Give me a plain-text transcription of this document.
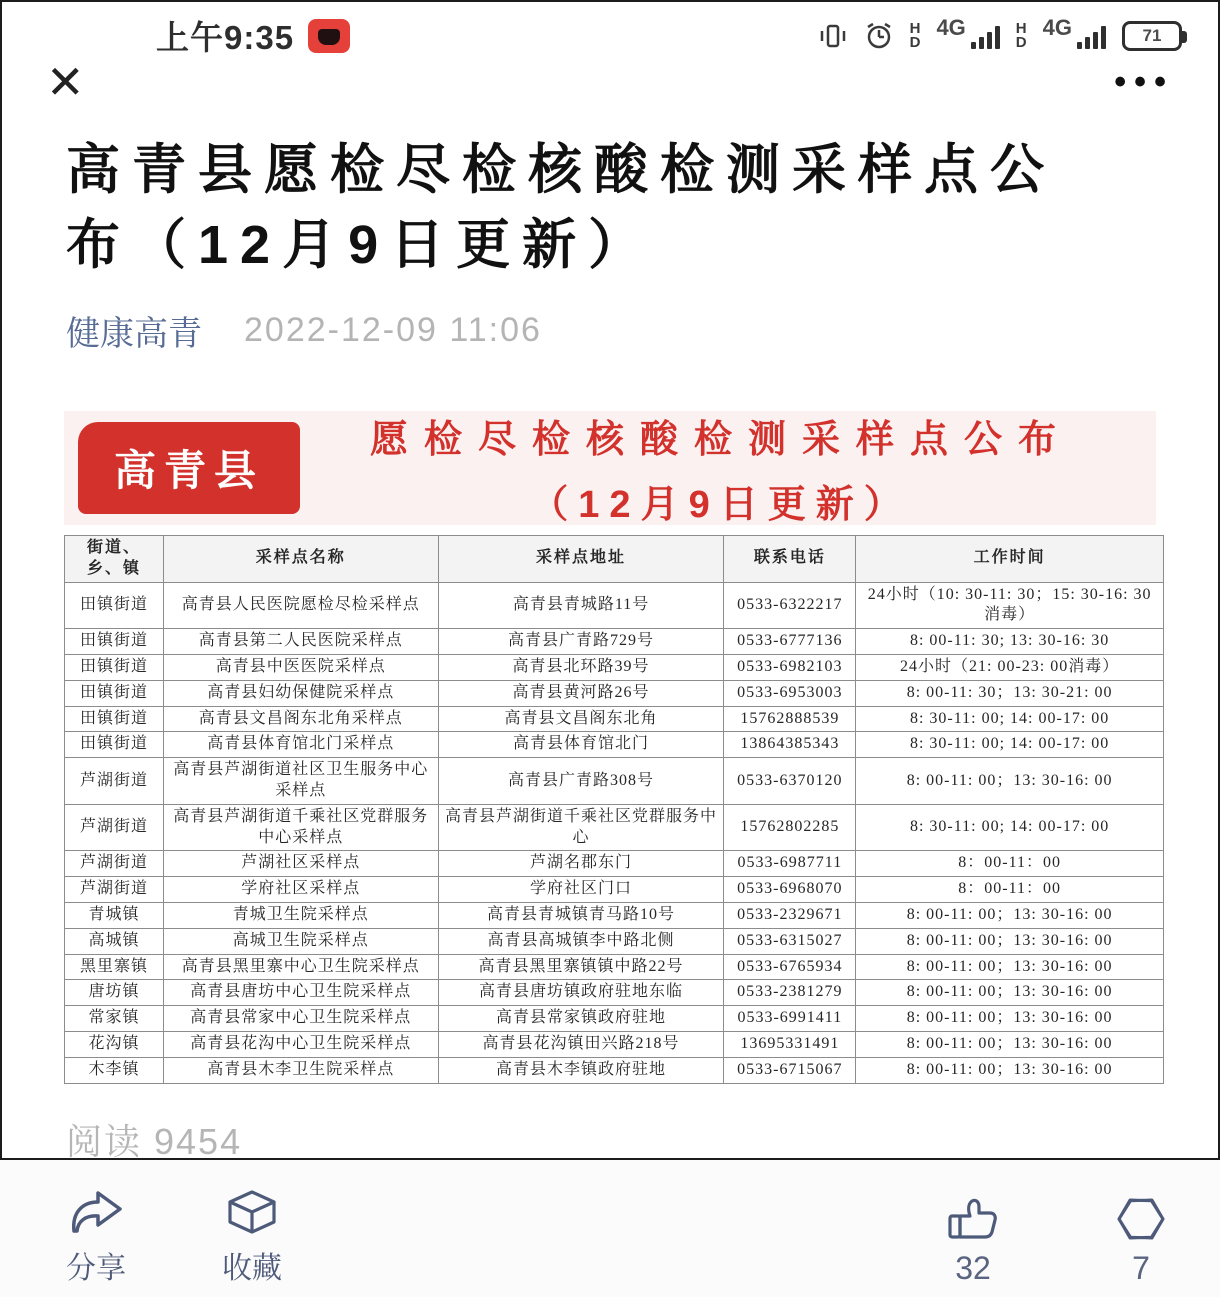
上午9:35	H
D
4G	H
D
4G	71
✕	•••
高青县愿检尽检核酸检测采样点公布（12月9日更新）
健康高青 2022-12-09 11:06
高青县
愿检尽检核酸检测采样点公布
（12月9日更新）
街道、乡、镇	采样点名称	采样点地址	联系电话	工作时间
田镇街道	高青县人民医院愿检尽检采样点	高青县青城路11号	0533-6322217	24小时（10: 30-11: 30；15: 30-16: 30消毒）
田镇街道	高青县第二人民医院采样点	高青县广青路729号	0533-6777136	8: 00-11: 30; 13: 30-16: 30
田镇街道	高青县中医医院采样点	高青县北环路39号	0533-6982103	24小时（21: 00-23: 00消毒）
田镇街道	高青县妇幼保健院采样点	高青县黄河路26号	0533-6953003	8: 00-11: 30；13: 30-21: 00
田镇街道	高青县文昌阁东北角采样点	高青县文昌阁东北角	15762888539	8: 30-11: 00; 14: 00-17: 00
田镇街道	高青县体育馆北门采样点	高青县体育馆北门	13864385343	8: 30-11: 00; 14: 00-17: 00
芦湖街道	高青县芦湖街道社区卫生服务中心采样点	高青县广青路308号	0533-6370120	8: 00-11: 00；13: 30-16: 00
芦湖街道	高青县芦湖街道千乘社区党群服务中心采样点	高青县芦湖街道千乘社区党群服务中心	15762802285	8: 30-11: 00; 14: 00-17: 00
芦湖街道	芦湖社区采样点	芦湖名郡东门	0533-6987711	8：00-11：00
芦湖街道	学府社区采样点	学府社区门口	0533-6968070	8：00-11：00
青城镇	青城卫生院采样点	高青县青城镇青马路10号	0533-2329671	8: 00-11: 00；13: 30-16: 00
高城镇	高城卫生院采样点	高青县高城镇李中路北侧	0533-6315027	8: 00-11: 00；13: 30-16: 00
黑里寨镇	高青县黑里寨中心卫生院采样点	高青县黑里寨镇镇中路22号	0533-6765934	8: 00-11: 00；13: 30-16: 00
唐坊镇	高青县唐坊中心卫生院采样点	高青县唐坊镇政府驻地东临	0533-2381279	8: 00-11: 00；13: 30-16: 00
常家镇	高青县常家中心卫生院采样点	高青县常家镇政府驻地	0533-6991411	8: 00-11: 00；13: 30-16: 00
花沟镇	高青县花沟中心卫生院采样点	高青县花沟镇田兴路218号	13695331491	8: 00-11: 00；13: 30-16: 00
木李镇	高青县木李卫生院采样点	高青县木李镇政府驻地	0533-6715067	8: 00-11: 00；13: 30-16: 00
阅读 9454
分享	收藏	32	7
